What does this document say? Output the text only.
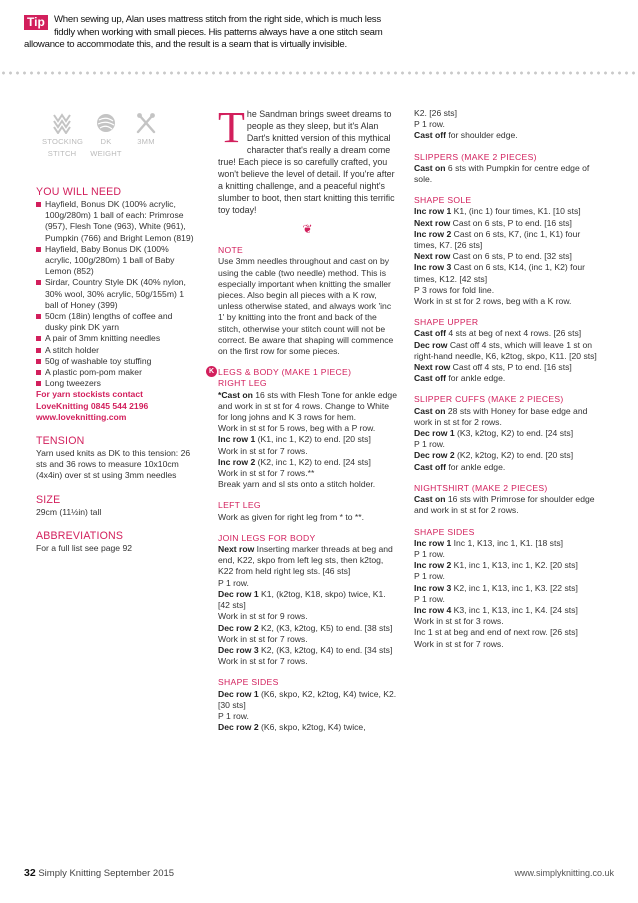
Tip When sewing up, Alan uses mattress stitch from the right side, which is much less
fiddly when working with small pieces. His patterns always have a one stitch seam
allowance to accommodate this, and the result is a seam that is virtually invisible.
STOCKING
STITCH
DK
WEIGHT
3MM
YOU WILL NEED
Hayfield, Bonus DK (100% acrylic, 100g/280m) 1 ball of each: Primrose (957), Flesh Tone (963), White (961), Pumpkin (766) and Bright Lemon (819)
Hayfield, Baby Bonus DK (100% acrylic, 100g/280m) 1 ball of Baby Lemon (852)
Sirdar, Country Style DK (40% nylon, 30% wool, 30% acrylic, 50g/155m) 1 ball of Honey (399)
50cm (18in) lengths of coffee and dusky pink DK yarn
A pair of 3mm knitting needles
A stitch holder
50g of washable toy stuffing
A plastic pom-pom maker
Long tweezers
For yarn stockists contact
LoveKnitting 0845 544 2196
www.loveknitting.com
TENSION
Yarn used knits as DK to this tension: 26 sts and 36 rows to measure 10x10cm (4x4in) over st st using 3mm needles
SIZE
29cm (11½in) tall
ABBREVIATIONS
For a full list see page 92
The Sandman brings sweet dreams to people as they sleep, but it's Alan Dart's knitted version of this mythical character that's really a dream come true! Each piece is so carefully crafted, you won't believe the level of detail. If you're after a knitting challenge, and a peaceful night's slumber to boot, then start knitting this terrific toy today!
❦
NOTE
Use 3mm needles throughout and cast on by using the cable (two needle) method. This is especially important when knitting the smaller pieces. Also begin all pieces with a K row, unless otherwise stated, and always work 'inc 1' by knitting into the front and back of the stitch, otherwise your stitch count will not be correct. Be aware that shaping will commence on the first row for some pieces.
K LEGS & BODY (MAKE 1 PIECE)
RIGHT LEG
*Cast on 16 sts with Flesh Tone for ankle edge and work in st st for 4 rows. Change to White for long johns and K 3 rows for hem.
Work in st st for 5 rows, beg with a P row.
Inc row 1 (K1, inc 1, K2) to end. [20 sts]
Work in st st for 7 rows.
Inc row 2 (K2, inc 1, K2) to end. [24 sts]
Work in st st for 7 rows.**
Break yarn and sl sts onto a stitch holder.
LEFT LEG
Work as given for right leg from * to **.
JOIN LEGS FOR BODY
Next row Inserting marker threads at beg and end, K22, skpo from left leg sts, then k2tog, K22 from held right leg sts. [46 sts]
P 1 row.
Dec row 1 K1, (k2tog, K18, skpo) twice, K1. [42 sts]
Work in st st for 9 rows.
Dec row 2 K2, (K3, k2tog, K5) to end. [38 sts]
Work in st st for 7 rows.
Dec row 3 K2, (K3, k2tog, K4) to end. [34 sts]
Work in st st for 7 rows.
SHAPE SIDES
Dec row 1 (K6, skpo, K2, k2tog, K4) twice, K2. [30 sts]
P 1 row.
Dec row 2 (K6, skpo, k2tog, K4) twice,
K2. [26 sts]
P 1 row.
Cast off for shoulder edge.
SLIPPERS (MAKE 2 PIECES)
Cast on 6 sts with Pumpkin for centre edge of sole.
SHAPE SOLE
Inc row 1 K1, (inc 1) four times, K1. [10 sts]
Next row Cast on 6 sts, P to end. [16 sts]
Inc row 2 Cast on 6 sts, K7, (inc 1, K1) four times, K7. [26 sts]
Next row Cast on 6 sts, P to end. [32 sts]
Inc row 3 Cast on 6 sts, K14, (inc 1, K2) four times, K12. [42 sts]
P 3 rows for fold line.
Work in st st for 2 rows, beg with a K row.
SHAPE UPPER
Cast off 4 sts at beg of next 4 rows. [26 sts]
Dec row Cast off 4 sts, which will leave 1 st on right-hand needle, K6, k2tog, skpo, K11. [20 sts]
Next row Cast off 4 sts, P to end. [16 sts]
Cast off for ankle edge.
SLIPPER CUFFS (MAKE 2 PIECES)
Cast on 28 sts with Honey for base edge and work in st st for 2 rows.
Dec row 1 (K3, k2tog, K2) to end. [24 sts]
P 1 row.
Dec row 2 (K2, k2tog, K2) to end. [20 sts]
Cast off for ankle edge.
NIGHTSHIRT (MAKE 2 PIECES)
Cast on 16 sts with Primrose for shoulder edge and work in st st for 2 rows.
SHAPE SIDES
Inc row 1 Inc 1, K13, inc 1, K1. [18 sts]
P 1 row.
Inc row 2 K1, inc 1, K13, inc 1, K2. [20 sts]
P 1 row.
Inc row 3 K2, inc 1, K13, inc 1, K3. [22 sts]
P 1 row.
Inc row 4 K3, inc 1, K13, inc 1, K4. [24 sts]
Work in st st for 3 rows.
Inc 1 st at beg and end of next row. [26 sts]
Work in st st for 7 rows.
32 Simply Knitting September 2015	www.simplyknitting.co.uk
